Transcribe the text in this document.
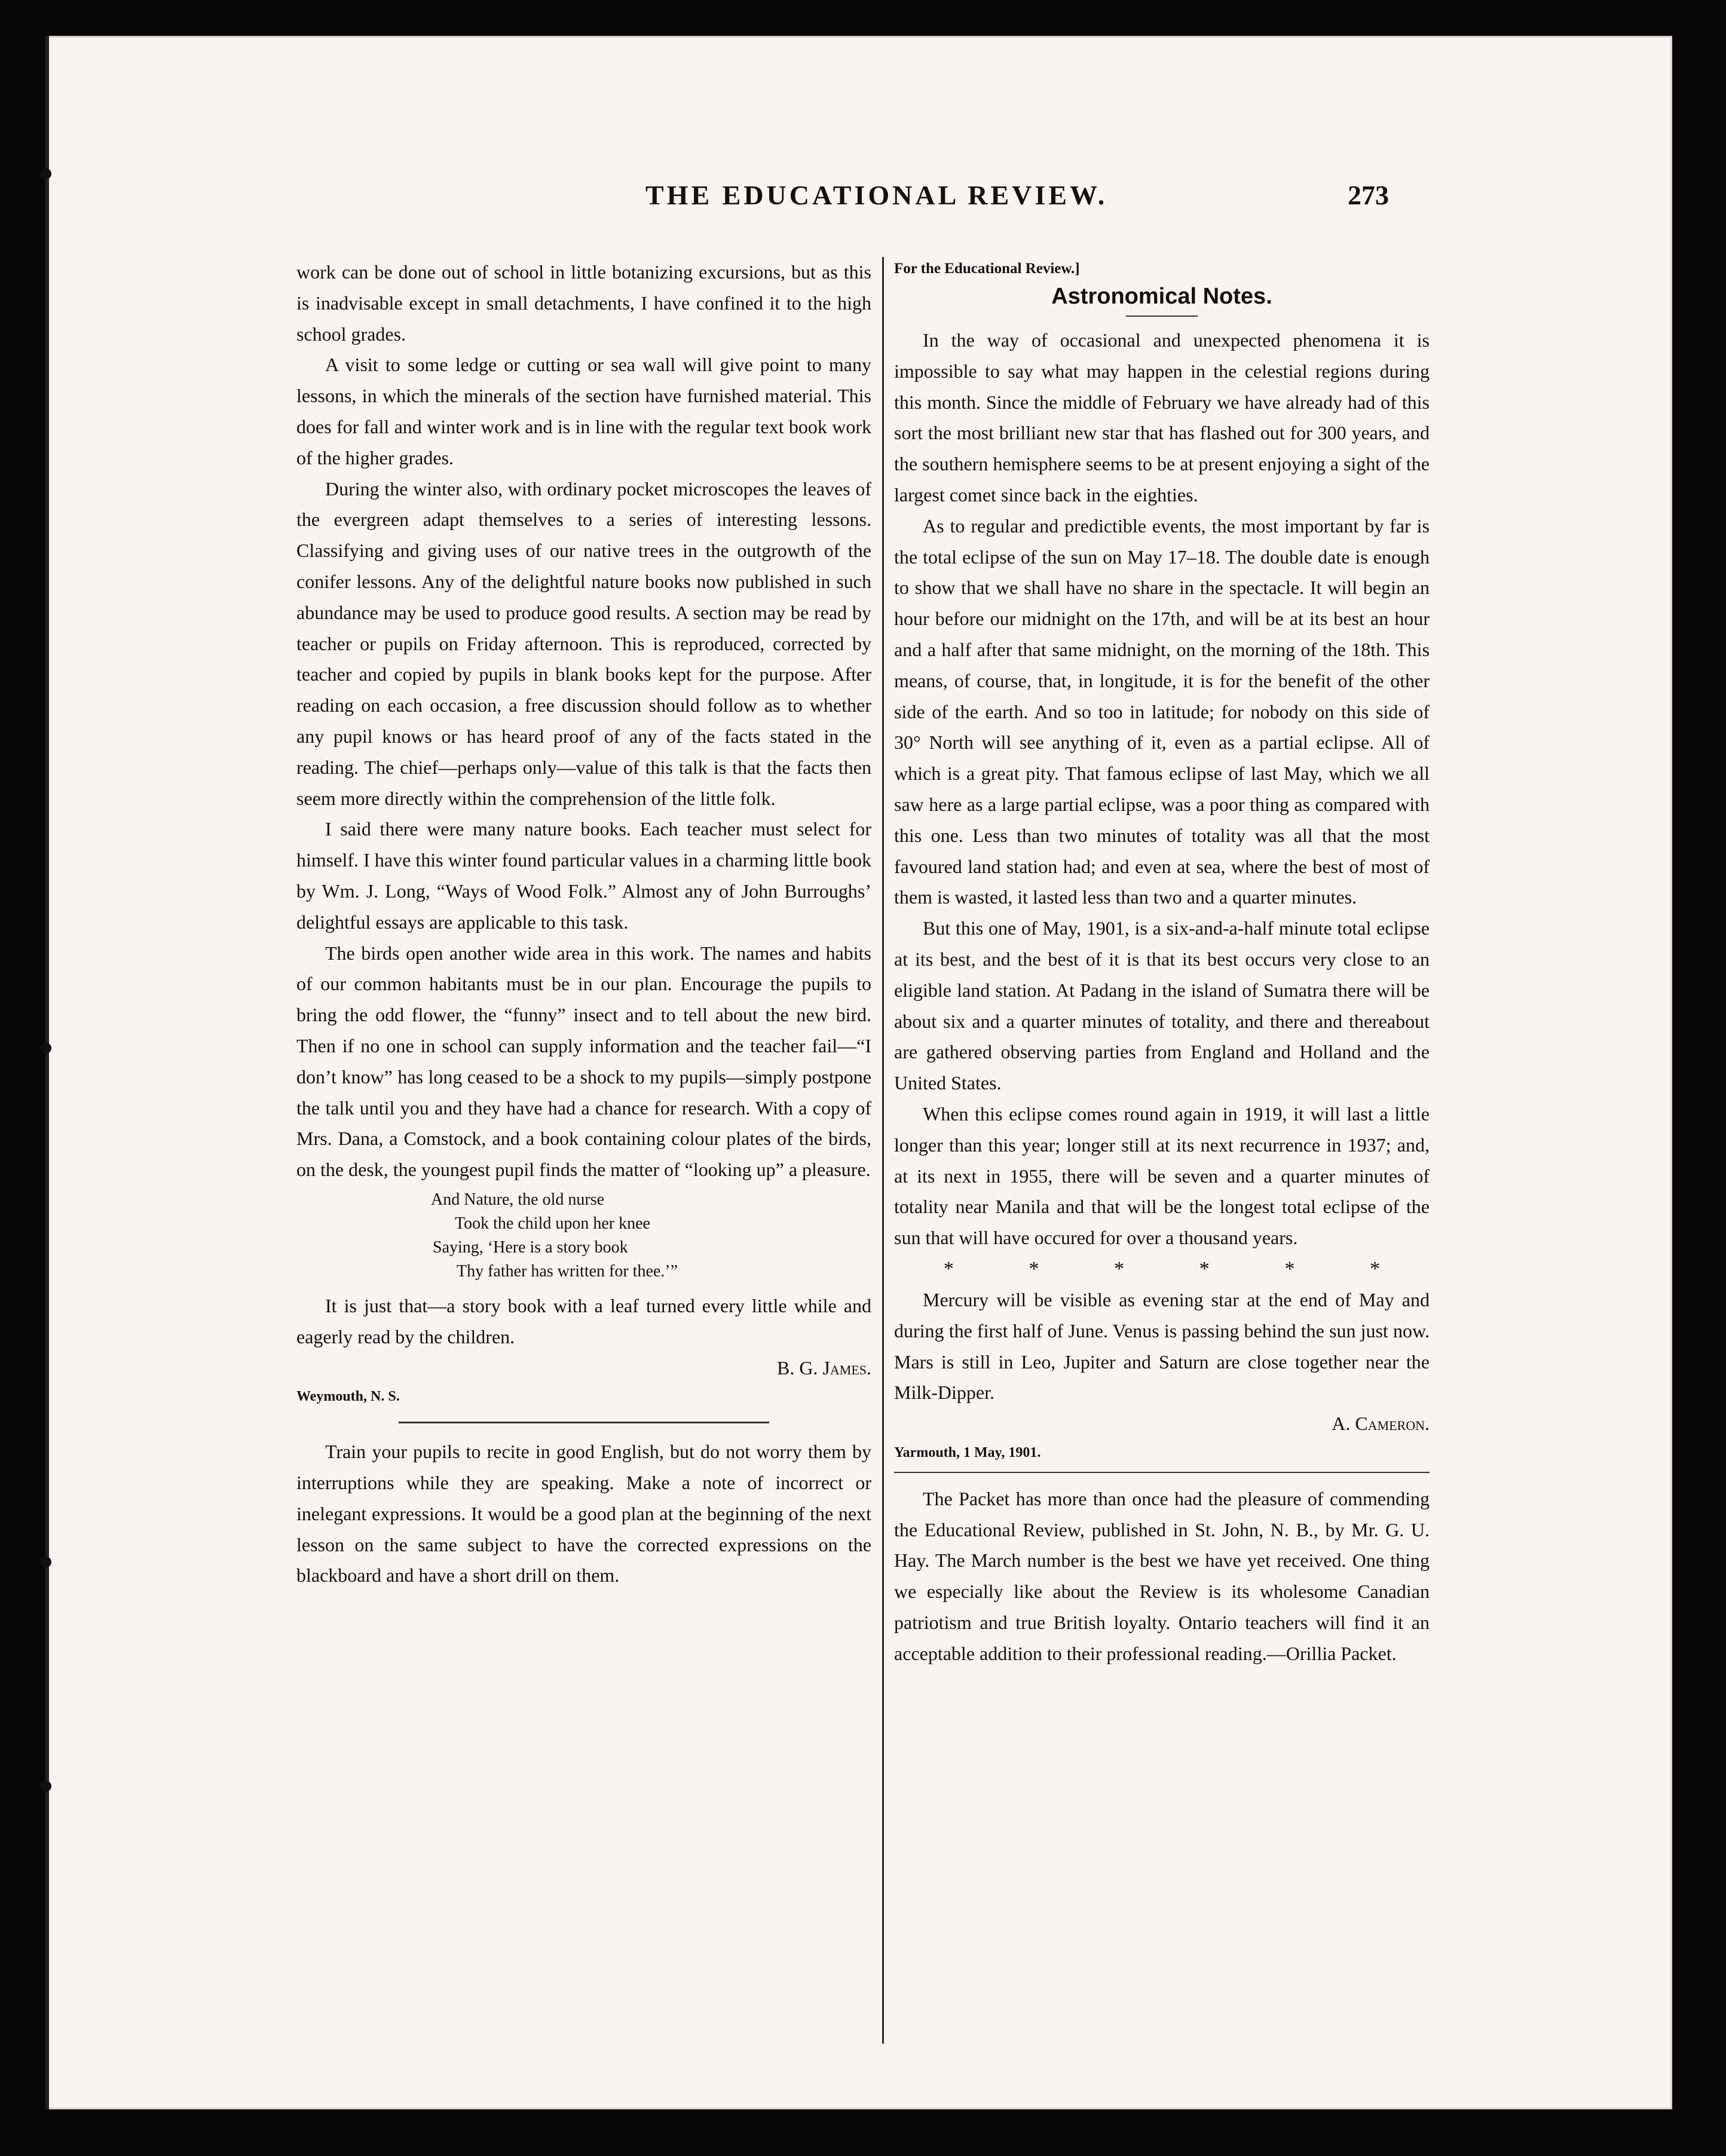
THE EDUCATIONAL REVIEW.	273

work can be done out of school in little botanizing excursions, but as this is inadvisable except in small detachments, I have confined it to the high school grades.

A visit to some ledge or cutting or sea wall will give point to many lessons, in which the minerals of the section have furnished material. This does for fall and winter work and is in line with the regular text book work of the higher grades.

During the winter also, with ordinary pocket microscopes the leaves of the evergreen adapt themselves to a series of interesting lessons. Classifying and giving uses of our native trees in the outgrowth of the conifer lessons. Any of the delightful nature books now published in such abundance may be used to produce good results. A section may be read by teacher or pupils on Friday afternoon. This is reproduced, corrected by teacher and copied by pupils in blank books kept for the purpose. After reading on each occasion, a free discussion should follow as to whether any pupil knows or has heard proof of any of the facts stated in the reading. The chief—perhaps only—value of this talk is that the facts then seem more directly within the comprehension of the little folk.

I said there were many nature books. Each teacher must select for himself. I have this winter found particular values in a charming little book by Wm. J. Long, “Ways of Wood Folk.” Almost any of John Burroughs’ delightful essays are applicable to this task.

The birds open another wide area in this work. The names and habits of our common habitants must be in our plan. Encourage the pupils to bring the odd flower, the “funny” insect and to tell about the new bird. Then if no one in school can supply information and the teacher fail—“I don’t know” has long ceased to be a shock to my pupils—simply postpone the talk until you and they have had a chance for research. With a copy of Mrs. Dana, a Comstock, and a book containing colour plates of the birds, on the desk, the youngest pupil finds the matter of “looking up” a pleasure.

And Nature, the old nurse
Took the child upon her knee
Saying, ‘Here is a story book
Thy father has written for thee.’”

It is just that—a story book with a leaf turned every little while and eagerly read by the children.

B. G. James.

Weymouth, N. S.

Train your pupils to recite in good English, but do not worry them by interruptions while they are speaking. Make a note of incorrect or inelegant expressions. It would be a good plan at the beginning of the next lesson on the same subject to have the corrected expressions on the blackboard and have a short drill on them.

For the Educational Review.]

Astronomical Notes.

In the way of occasional and unexpected phenomena it is impossible to say what may happen in the celestial regions during this month. Since the middle of February we have already had of this sort the most brilliant new star that has flashed out for 300 years, and the southern hemisphere seems to be at present enjoying a sight of the largest comet since back in the eighties.

As to regular and predictible events, the most important by far is the total eclipse of the sun on May 17–18. The double date is enough to show that we shall have no share in the spectacle. It will begin an hour before our midnight on the 17th, and will be at its best an hour and a half after that same midnight, on the morning of the 18th. This means, of course, that, in longitude, it is for the benefit of the other side of the earth. And so too in latitude; for nobody on this side of 30° North will see anything of it, even as a partial eclipse. All of which is a great pity. That famous eclipse of last May, which we all saw here as a large partial eclipse, was a poor thing as compared with this one. Less than two minutes of totality was all that the most favoured land station had; and even at sea, where the best of most of them is wasted, it lasted less than two and a quarter minutes.

But this one of May, 1901, is a six-and-a-half minute total eclipse at its best, and the best of it is that its best occurs very close to an eligible land station. At Padang in the island of Sumatra there will be about six and a quarter minutes of totality, and there and thereabout are gathered observing parties from England and Holland and the United States.

When this eclipse comes round again in 1919, it will last a little longer than this year; longer still at its next recurrence in 1937; and, at its next in 1955, there will be seven and a quarter minutes of totality near Manila and that will be the longest total eclipse of the sun that will have occured for over a thousand years.

*	*	*	*	*	*

Mercury will be visible as evening star at the end of May and during the first half of June. Venus is passing behind the sun just now. Mars is still in Leo, Jupiter and Saturn are close together near the Milk-Dipper.

A. Cameron.

Yarmouth, 1 May, 1901.

The Packet has more than once had the pleasure of commending the Educational Review, published in St. John, N. B., by Mr. G. U. Hay. The March number is the best we have yet received. One thing we especially like about the Review is its wholesome Canadian patriotism and true British loyalty. Ontario teachers will find it an acceptable addition to their professional reading.—Orillia Packet.
